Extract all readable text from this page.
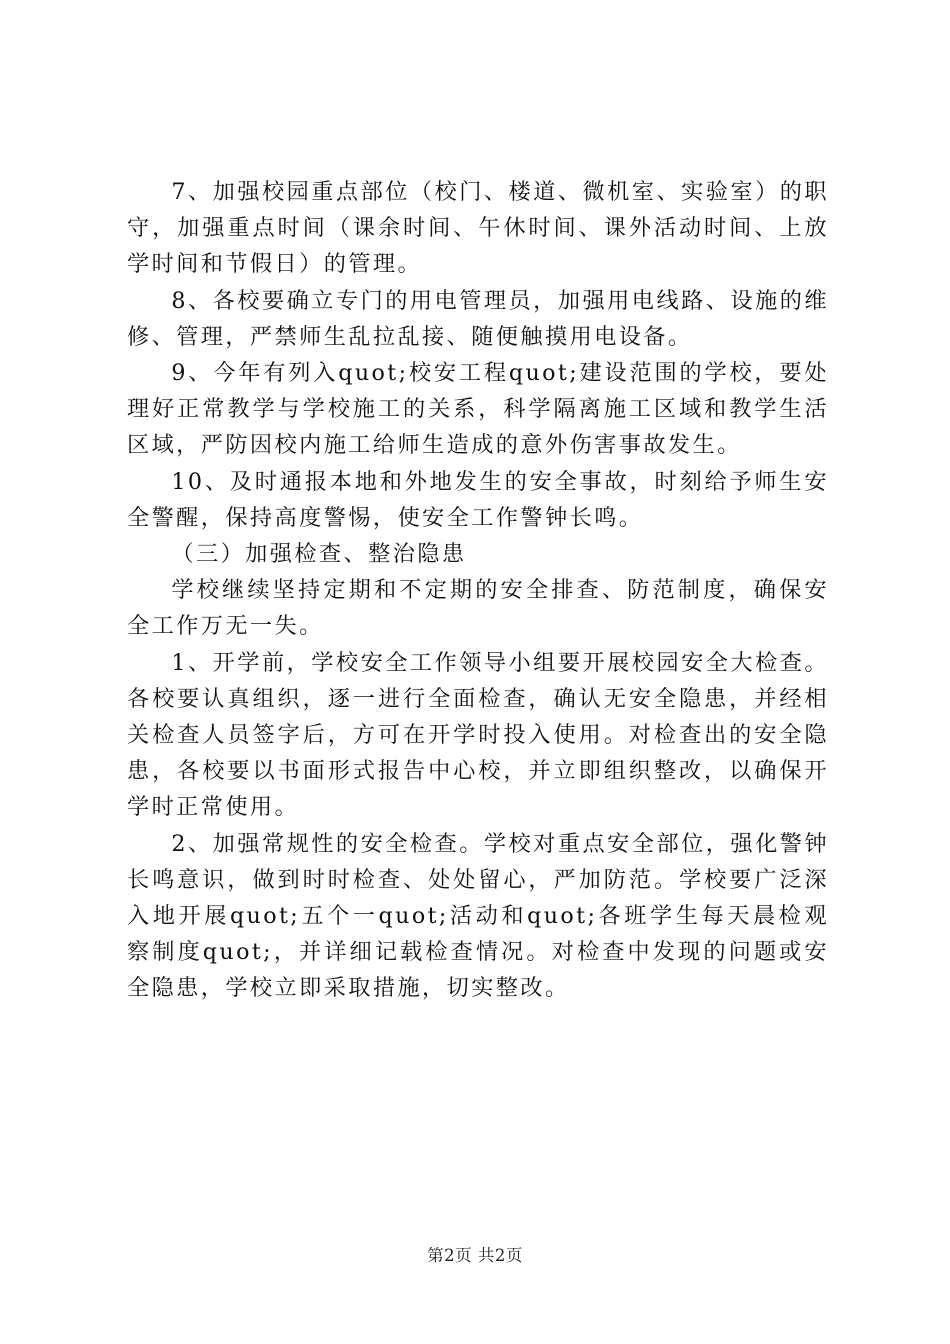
7、加强校园重点部位（校门、楼道、微机室、实验室）的职守，加强重点时间（课余时间、午休时间、课外活动时间、上放学时间和节假日）的管理。

8、各校要确立专门的用电管理员，加强用电线路、设施的维修、管理，严禁师生乱拉乱接、随便触摸用电设备。

9、今年有列入quot;校安工程quot;建设范围的学校，要处理好正常教学与学校施工的关系，科学隔离施工区域和教学生活区域，严防因校内施工给师生造成的意外伤害事故发生。

10、及时通报本地和外地发生的安全事故，时刻给予师生安全警醒，保持高度警惕，使安全工作警钟长鸣。

（三）加强检查、整治隐患

学校继续坚持定期和不定期的安全排查、防范制度，确保安全工作万无一失。

1、开学前，学校安全工作领导小组要开展校园安全大检查。各校要认真组织，逐一进行全面检查，确认无安全隐患，并经相关检查人员签字后，方可在开学时投入使用。对检查出的安全隐患，各校要以书面形式报告中心校，并立即组织整改，以确保开学时正常使用。

2、加强常规性的安全检查。学校对重点安全部位，强化警钟长鸣意识，做到时时检查、处处留心，严加防范。学校要广泛深入地开展quot;五个一quot;活动和quot;各班学生每天晨检观察制度quot;，并详细记载检查情况。对检查中发现的问题或安全隐患，学校立即采取措施，切实整改。

第2页 共2页
